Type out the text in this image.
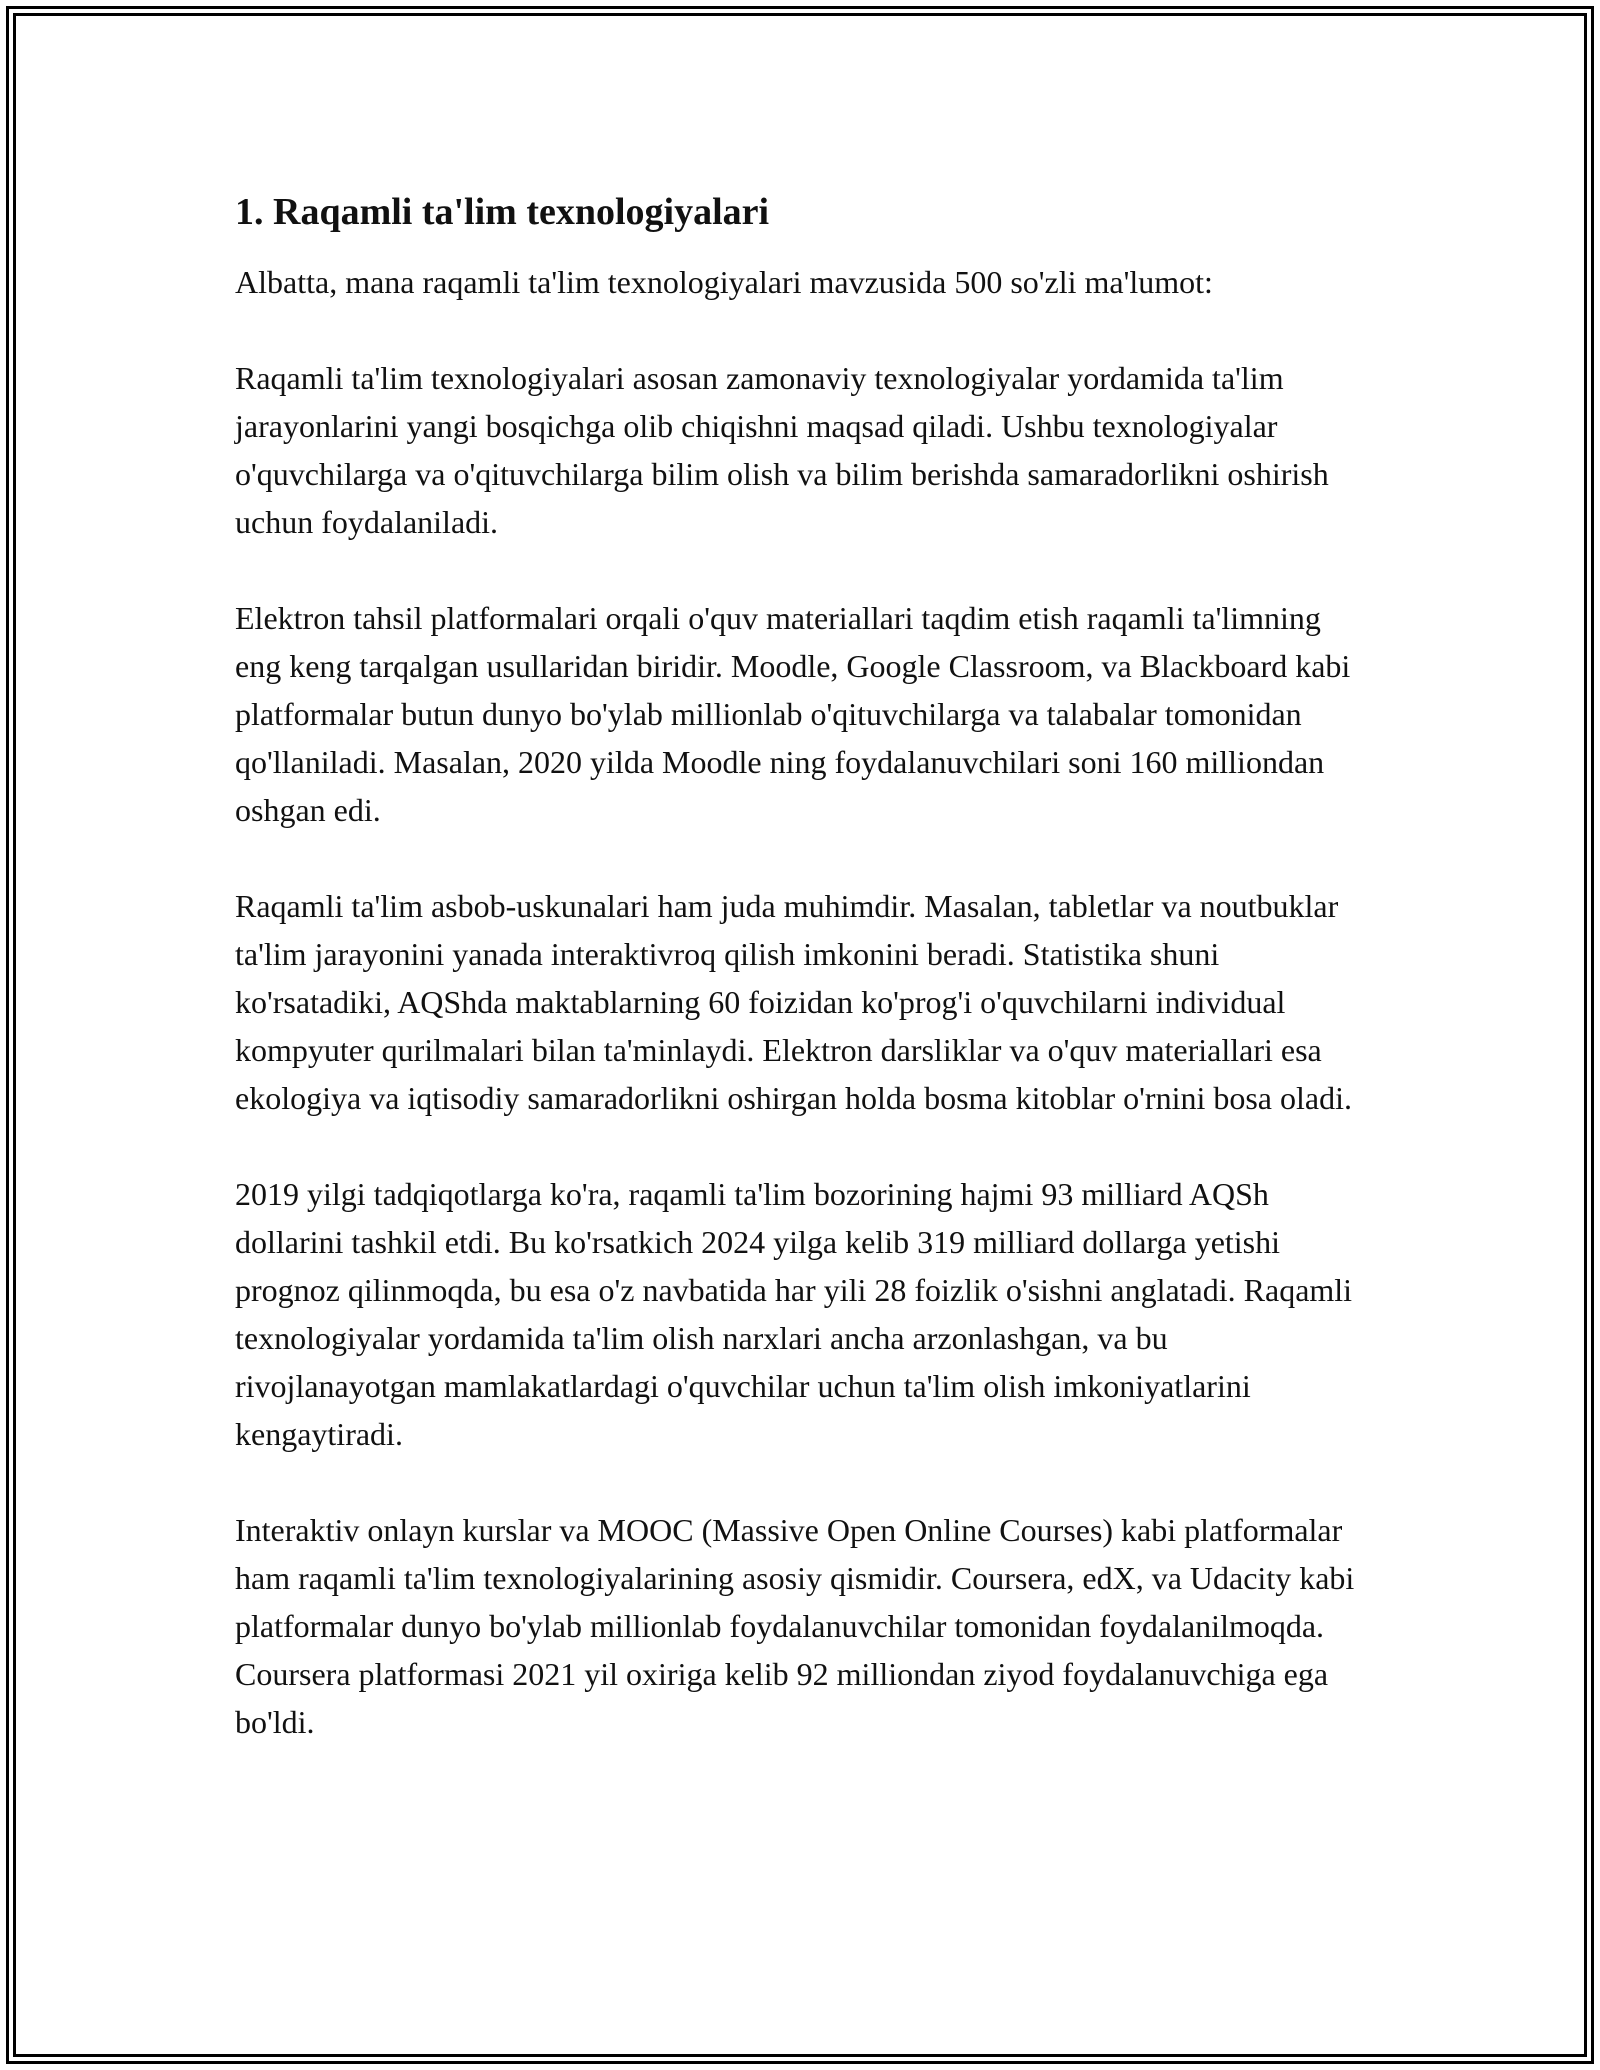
1. Raqamli ta'lim texnologiyalari

Albatta, mana raqamli ta'lim texnologiyalari mavzusida 500 so'zli ma'lumot:

Raqamli ta'lim texnologiyalari asosan zamonaviy texnologiyalar yordamida ta'lim jarayonlarini yangi bosqichga olib chiqishni maqsad qiladi. Ushbu texnologiyalar o'quvchilarga va o'qituvchilarga bilim olish va bilim berishda samaradorlikni oshirish uchun foydalaniladi.

Elektron tahsil platformalari orqali o'quv materiallari taqdim etish raqamli ta'limning eng keng tarqalgan usullaridan biridir. Moodle, Google Classroom, va Blackboard kabi platformalar butun dunyo bo'ylab millionlab o'qituvchilarga va talabalar tomonidan qo'llaniladi. Masalan, 2020 yilda Moodle ning foydalanuvchilari soni 160 milliondan oshgan edi.

Raqamli ta'lim asbob-uskunalari ham juda muhimdir. Masalan, tabletlar va noutbuklar ta'lim jarayonini yanada interaktivroq qilish imkonini beradi. Statistika shuni ko'rsatadiki, AQShda maktablarning 60 foizidan ko'prog'i o'quvchilarni individual kompyuter qurilmalari bilan ta'minlaydi. Elektron darsliklar va o'quv materiallari esa ekologiya va iqtisodiy samaradorlikni oshirgan holda bosma kitoblar o'rnini bosa oladi.

2019 yilgi tadqiqotlarga ko'ra, raqamli ta'lim bozorining hajmi 93 milliard AQSh dollarini tashkil etdi. Bu ko'rsatkich 2024 yilga kelib 319 milliard dollarga yetishi prognoz qilinmoqda, bu esa o'z navbatida har yili 28 foizlik o'sishni anglatadi. Raqamli texnologiyalar yordamida ta'lim olish narxlari ancha arzonlashgan, va bu rivojlanayotgan mamlakatlardagi o'quvchilar uchun ta'lim olish imkoniyatlarini kengaytiradi.

Interaktiv onlayn kurslar va MOOC (Massive Open Online Courses) kabi platformalar ham raqamli ta'lim texnologiyalarining asosiy qismidir. Coursera, edX, va Udacity kabi platformalar dunyo bo'ylab millionlab foydalanuvchilar tomonidan foydalanilmoqda. Coursera platformasi 2021 yil oxiriga kelib 92 milliondan ziyod foydalanuvchiga ega bo'ldi.
